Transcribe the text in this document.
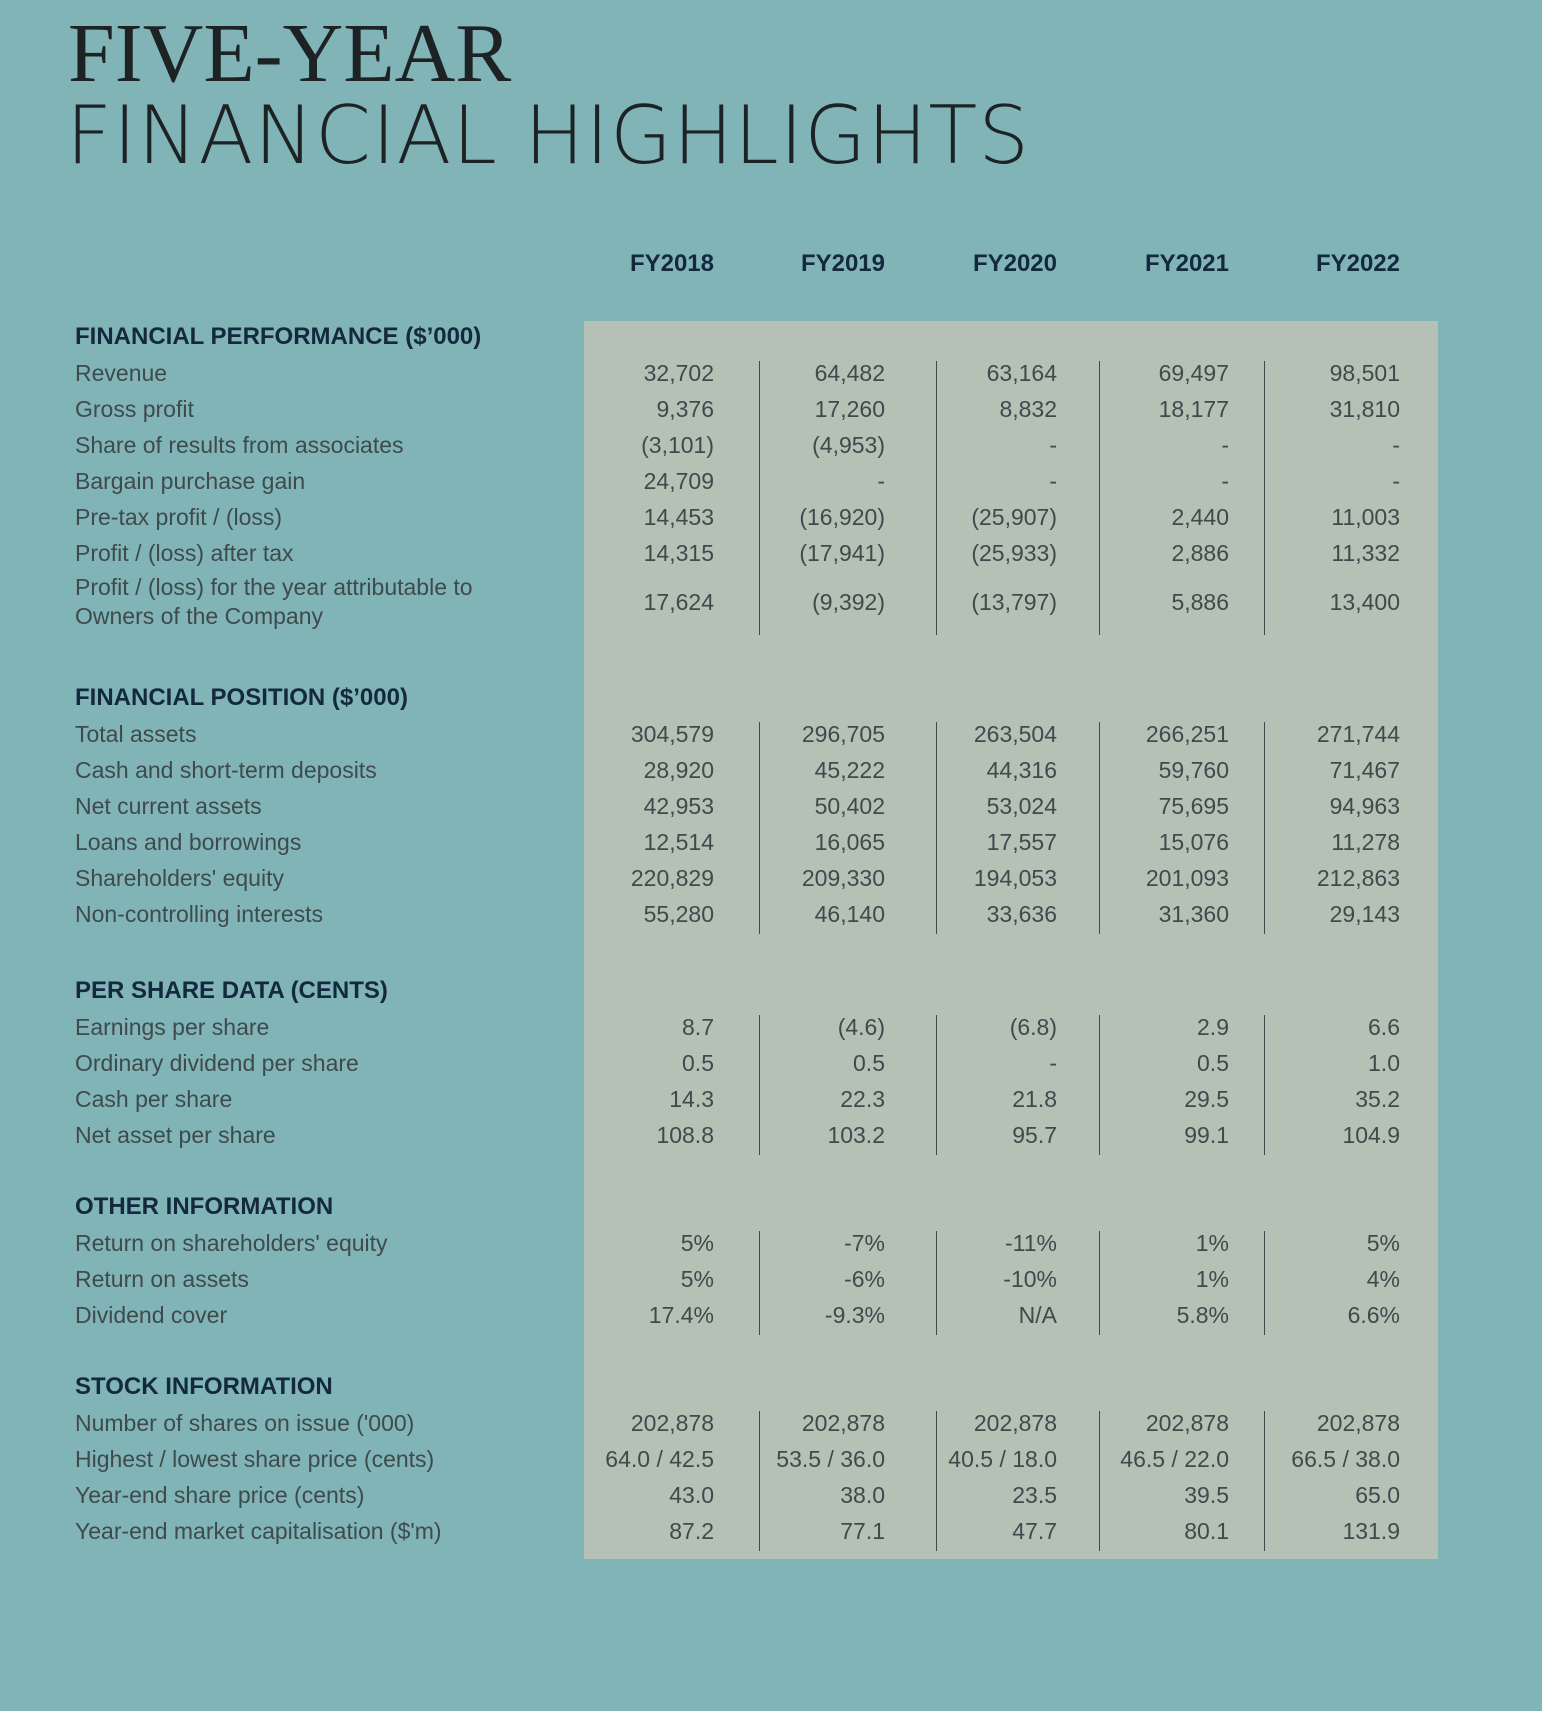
FIVE-YEAR
FINANCIAL HIGHLIGHTS
FY2018	FY2019	FY2020	FY2021	FY2022
FINANCIAL PERFORMANCE ($’000)
Revenue	32,702	64,482	63,164	69,497	98,501
Gross profit	9,376	17,260	8,832	18,177	31,810
Share of results from associates	(3,101)	(4,953)	-	-	-
Bargain purchase gain	24,709	-	-	-	-
Pre-tax profit / (loss)	14,453	(16,920)	(25,907)	2,440	11,003
Profit / (loss) after tax	14,315	(17,941)	(25,933)	2,886	11,332
Profit / (loss) for the year attributable to
Owners of the Company
17,624	(9,392)	(13,797)	5,886	13,400
FINANCIAL POSITION ($’000)
Total assets	304,579	296,705	263,504	266,251	271,744
Cash and short-term deposits	28,920	45,222	44,316	59,760	71,467
Net current assets	42,953	50,402	53,024	75,695	94,963
Loans and borrowings	12,514	16,065	17,557	15,076	11,278
Shareholders' equity	220,829	209,330	194,053	201,093	212,863
Non-controlling interests	55,280	46,140	33,636	31,360	29,143
PER SHARE DATA (CENTS)
Earnings per share	8.7	(4.6)	(6.8)	2.9	6.6
Ordinary dividend per share	0.5	0.5	-	0.5	1.0
Cash per share	14.3	22.3	21.8	29.5	35.2
Net asset per share	108.8	103.2	95.7	99.1	104.9
OTHER INFORMATION
Return on shareholders' equity	5%	-7%	-11%	1%	5%
Return on assets	5%	-6%	-10%	1%	4%
Dividend cover	17.4%	-9.3%	N/A	5.8%	6.6%
STOCK INFORMATION
Number of shares on issue ('000)	202,878	202,878	202,878	202,878	202,878
Highest / lowest share price (cents)	64.0 / 42.5	53.5 / 36.0	40.5 / 18.0	46.5 / 22.0	66.5 / 38.0
Year-end share price (cents)	43.0	38.0	23.5	39.5	65.0
Year-end market capitalisation ($'m)	87.2	77.1	47.7	80.1	131.9
